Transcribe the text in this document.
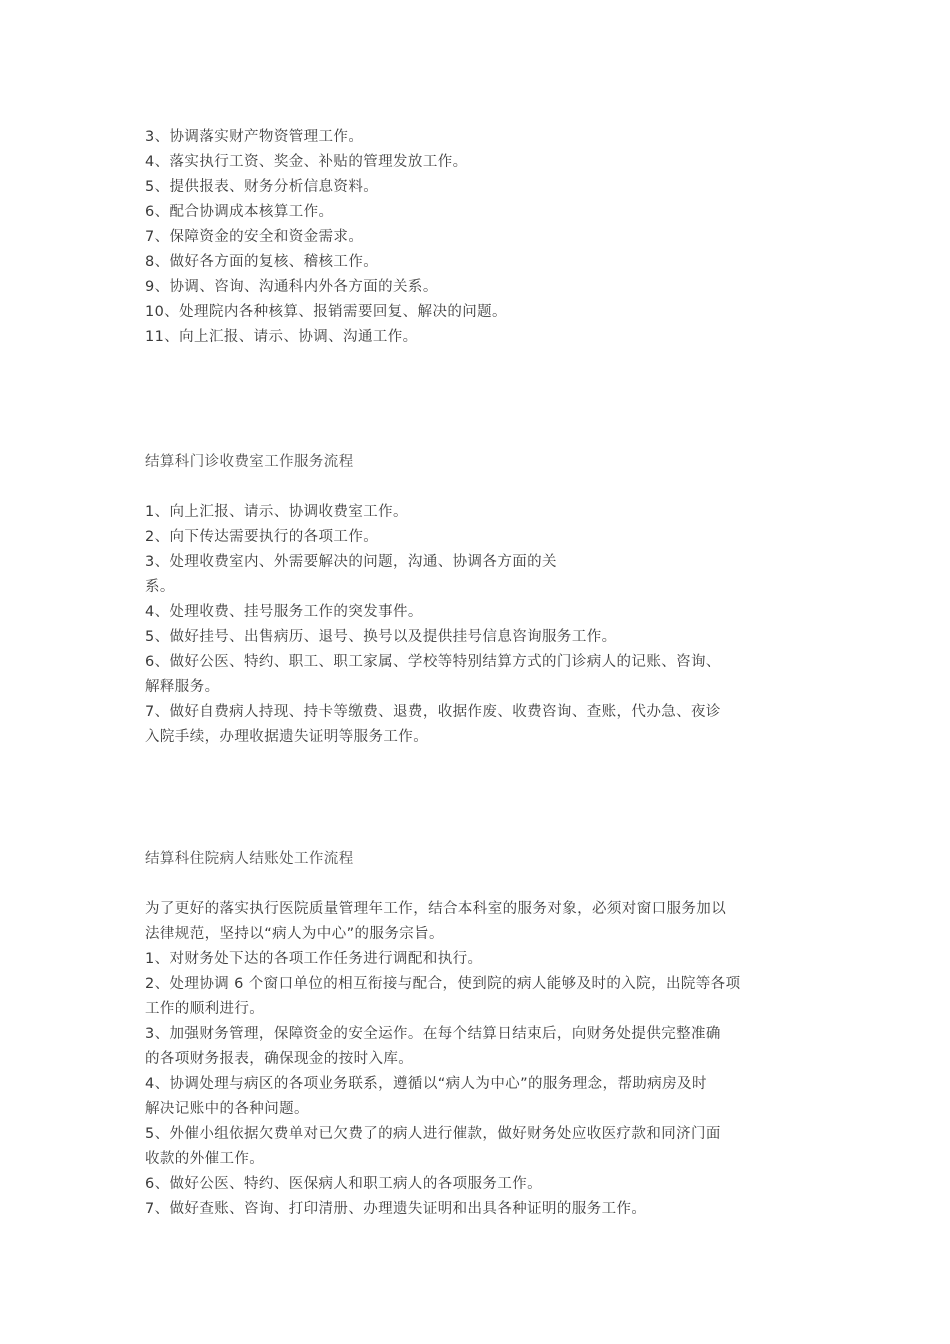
3、协调落实财产物资管理工作。
4、落实执行工资、奖金、补贴的管理发放工作。
5、提供报表、财务分析信息资料。
6、配合协调成本核算工作。
7、保障资金的安全和资金需求。
8、做好各方面的复核、稽核工作。
9、协调、咨询、沟通科内外各方面的关系。
10、处理院内各种核算、报销需要回复、解决的问题。
11、向上汇报、请示、协调、沟通工作。
结算科门诊收费室工作服务流程
1、向上汇报、请示、协调收费室工作。
2、向下传达需要执行的各项工作。
3、处理收费室内、外需要解决的问题，沟通、协调各方面的关
系。
4、处理收费、挂号服务工作的突发事件。
5、做好挂号、出售病历、退号、换号以及提供挂号信息咨询服务工作。
6、做好公医、特约、职工、职工家属、学校等特别结算方式的门诊病人的记账、咨询、
解释服务。
7、做好自费病人持现、持卡等缴费、退费，收据作废、收费咨询、查账，代办急、夜诊
入院手续，办理收据遗失证明等服务工作。
结算科住院病人结账处工作流程
为了更好的落实执行医院质量管理年工作，结合本科室的服务对象，必须对窗口服务加以
法律规范，坚持以“病人为中心”的服务宗旨。
1、对财务处下达的各项工作任务进行调配和执行。
2、处理协调 6 个窗口单位的相互衔接与配合，使到院的病人能够及时的入院，出院等各项
工作的顺利进行。
3、加强财务管理，保障资金的安全运作。在每个结算日结束后，向财务处提供完整准确
的各项财务报表，确保现金的按时入库。
4、协调处理与病区的各项业务联系，遵循以“病人为中心”的服务理念，帮助病房及时
解决记账中的各种问题。
5、外催小组依据欠费单对已欠费了的病人进行催款，做好财务处应收医疗款和同济门面
收款的外催工作。
6、做好公医、特约、医保病人和职工病人的各项服务工作。
7、做好查账、咨询、打印清册、办理遗失证明和出具各种证明的服务工作。
